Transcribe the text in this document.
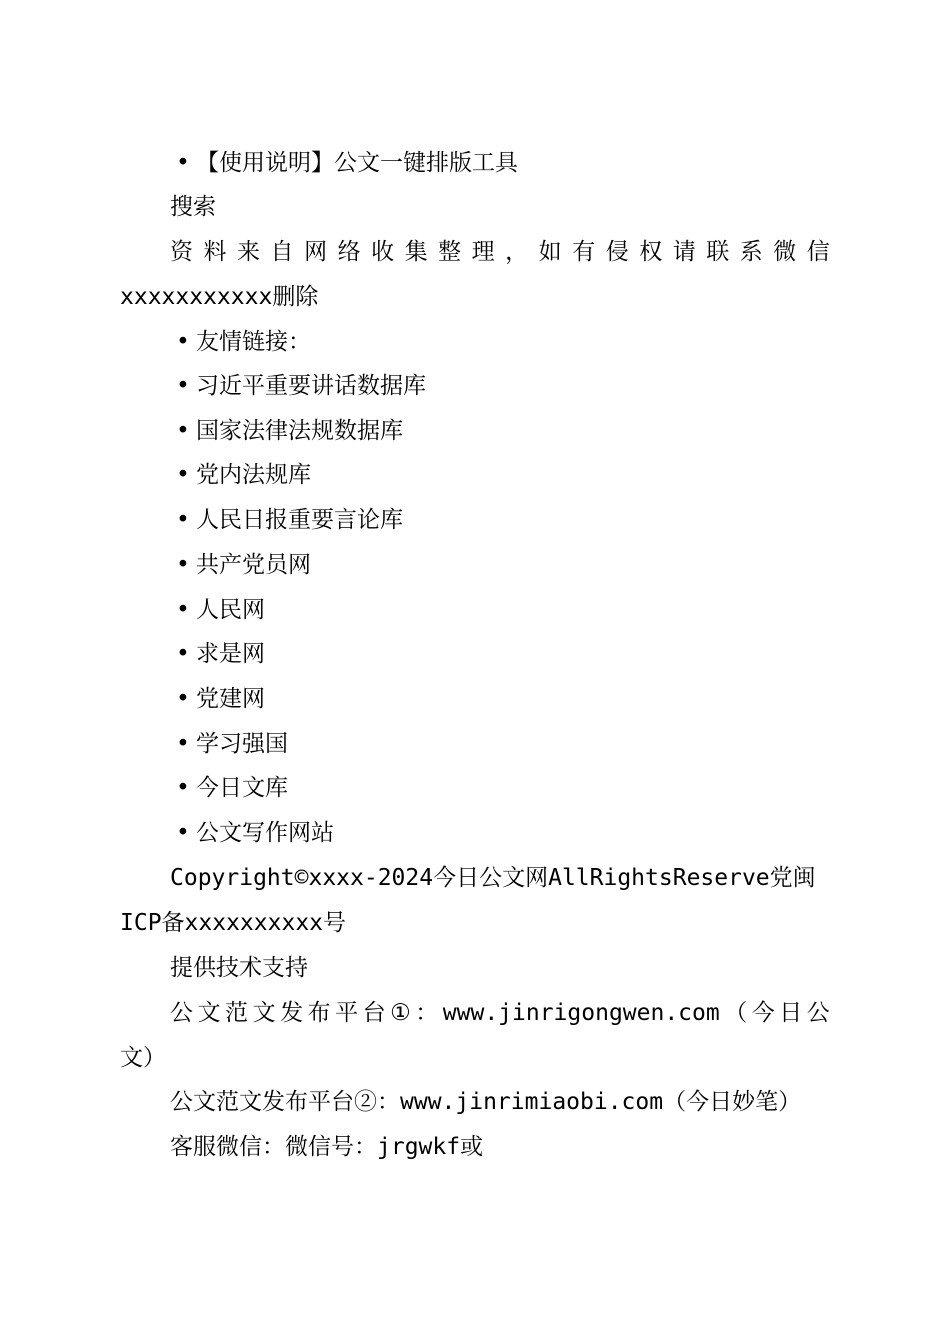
• 【使用说明】公文一键排版工具
搜索
资 料 来 自 网 络 收 集 整 理 ， 如 有 侵 权 请 联 系 微 信
xxxxxxxxxxx删除
• 友情链接：
• 习近平重要讲话数据库
• 国家法律法规数据库
• 党内法规库
• 人民日报重要言论库
• 共产党员网
• 人民网
• 求是网
• 党建网
• 学习强国
• 今日文库
• 公文写作网站
Copyright©xxxx-2024今日公文网AllRightsReserve党闽
ICP备xxxxxxxxxx号
提供技术支持
公 文 范 文 发 布 平 台 ① ： www.jinrigongwen.com （ 今 日 公
文）
公文范文发布平台②：www.jinrimiaobi.com（今日妙笔）
客服微信：微信号：jrgwkf或
